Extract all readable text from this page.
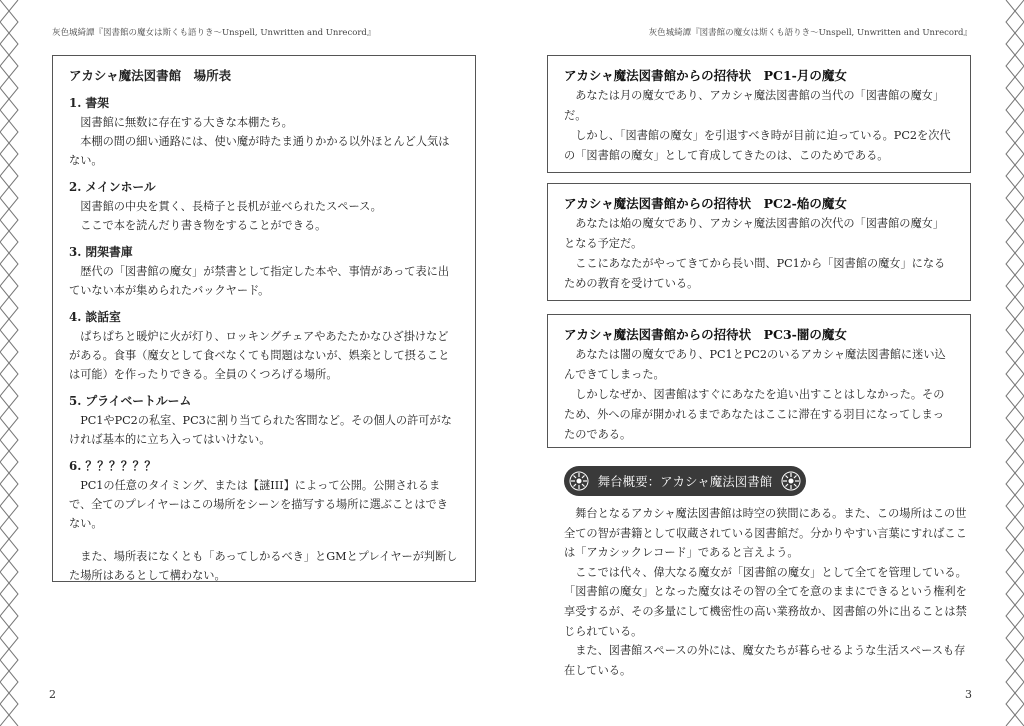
灰色城綺譚『図書館の魔女は斯くも語りき～Unspell, Unwritten and Unrecord』	灰色城綺譚『図書館の魔女は斯くも語りき～Unspell, Unwritten and Unrecord』
アカシャ魔法図書館　場所表
1. 書架
図書館に無数に存在する大きな本棚たち。
本棚の間の細い通路には、使い魔が時たま通りかかる以外ほとんど人気はない。
2. メインホール
図書館の中央を貫く、長椅子と長机が並べられたスペース。
ここで本を読んだり書き物をすることができる。
3. 閉架書庫
歴代の「図書館の魔女」が禁書として指定した本や、事情があって表に出ていない本が集められたバックヤード。
4. 談話室
ぱちぱちと暖炉に火が灯り、ロッキングチェアやあたたかなひざ掛けなどがある。食事（魔女として食べなくても問題はないが、娯楽として摂ることは可能）を作ったりできる。全員のくつろげる場所。
5. プライベートルーム
PC1やPC2の私室、PC3に割り当てられた客間など。その個人の許可がなければ基本的に立ち入ってはいけない。
6. ？？？？？？
PC1の任意のタイミング、または【謎III】によって公開。公開されるまで、全てのプレイヤーはこの場所をシーンを描写する場所に選ぶことはできない。
また、場所表になくとも「あってしかるべき」とGMとプレイヤーが判断した場所はあるとして構わない。
アカシャ魔法図書館からの招待状　PC1-月の魔女

あなたは月の魔女であり、アカシャ魔法図書館の当代の「図書館の魔女」だ。

しかし、「図書館の魔女」を引退すべき時が目前に迫っている。PC2を次代の「図書館の魔女」として育成してきたのは、このためである。

アカシャ魔法図書館からの招待状　PC2-焔の魔女

あなたは焔の魔女であり、アカシャ魔法図書館の次代の「図書館の魔女」となる予定だ。

ここにあなたがやってきてから長い間、PC1から「図書館の魔女」になるための教育を受けている。

アカシャ魔法図書館からの招待状　PC3-闇の魔女

あなたは闇の魔女であり、PC1とPC2のいるアカシャ魔法図書館に迷い込んできてしまった。

しかしなぜか、図書館はすぐにあなたを追い出すことはしなかった。そのため、外への扉が開かれるまであなたはここに滞在する羽目になってしまったのである。

舞台概要：アカシャ魔法図書館

舞台となるアカシャ魔法図書館は時空の狭間にある。また、この場所はこの世全ての智が書籍として収蔵されている図書館だ。分かりやすい言葉にすればここは「アカシックレコード」であると言えよう。

ここでは代々、偉大なる魔女が「図書館の魔女」として全てを管理している。「図書館の魔女」となった魔女はその智の全てを意のままにできるという権利を享受するが、その多量にして機密性の高い業務故か、図書館の外に出ることは禁じられている。

また、図書館スペースの外には、魔女たちが暮らせるような生活スペースも存在している。

2	3
